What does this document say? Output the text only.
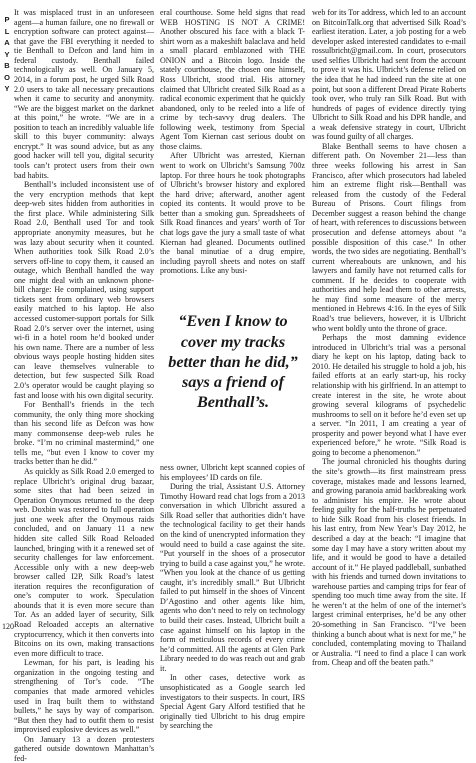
P
L
A
Y
B
O
Y
120

It was misplaced trust in an unforeseen agent—a human failure, one no firewall or encryption software can protect against—that gave the FBI everything it needed to tie Benthall to Defcon and land him in federal custody. Benthall failed technologically as well. On January 5, 2014, in a forum post, he urged Silk Road 2.0 users to take all necessary precautions when it came to security and anonymity. “We are the biggest market on the darknet at this point,” he wrote. “We are in a position to teach an incredibly valuable life skill to this buyer community: always encrypt.” It was sound advice, but as any good hacker will tell you, digital security tools can’t protect users from their own bad habits.

Benthall’s included inconsistent use of the very encryption methods that kept deep-web sites hidden from authorities in the first place. While administering Silk Road 2.0, Benthall used Tor and took appropriate anonymity measures, but he was lazy about security when it counted. When authorities took Silk Road 2.0’s servers off-line to copy them, it caused an outage, which Benthall handled the way one might deal with an unknown phone-bill charge: He complained, using support tickets sent from ordinary web browsers easily matched to his laptop. He also accessed customer-support portals for Silk Road 2.0’s server over the internet, using wi-fi in a hotel room he’d booked under his own name. There are a number of less obvious ways people hosting hidden sites can leave themselves vulnerable to detection, but few suspected Silk Road 2.0’s operator would be caught playing so fast and loose with his own digital security.

For Benthall’s friends in the tech community, the only thing more shocking than his second life as Defcon was how many commonsense deep-web rules he broke. “I’m no criminal mastermind,” one tells me, “but even I know to cover my tracks better than he did.”

As quickly as Silk Road 2.0 emerged to replace Ulbricht’s original drug bazaar, some sites that had been seized in Operation Onymous returned to the deep web. Doxbin was restored to full operation just one week after the Onymous raids concluded, and on January 11 a new hidden site called Silk Road Reloaded launched, bringing with it a renewed set of security challenges for law enforcement. Accessible only with a new deep-web browser called I2P, Silk Road’s latest iteration requires the reconfiguration of one’s computer to work. Speculation abounds that it is even more secure than Tor. As an added layer of security, Silk Road Reloaded accepts an alternative cryptocurrency, which it then converts into Bitcoins on its own, making transactions even more difficult to trace.

Lewman, for his part, is leading his organization in the ongoing testing and strengthening of Tor’s code. “The companies that made armored vehicles used in Iraq built them to withstand bullets,” he says by way of comparison. “But then they had to outfit them to resist improvised explosive devices as well.”

On January 13 a dozen protesters gathered outside downtown Manhattan’s fed-

eral courthouse. Some held signs that read WEB HOSTING IS NOT A CRIME! Another obscured his face with a black T-shirt worn as a makeshift balaclava and held a small placard emblazoned with THE ONION and a Bitcoin logo. Inside the stately courthouse, the chosen one himself, Ross Ulbricht, stood trial. His attorney claimed that Ulbricht created Silk Road as a radical economic experiment that he quickly abandoned, only to be reeled into a life of crime by tech-savvy drug dealers. The following week, testimony from Special Agent Tom Kiernan cast serious doubt on those claims.

After Ulbricht was arrested, Kiernan went to work on Ulbricht’s Samsung 700z laptop. For three hours he took photographs of Ulbricht’s browser history and explored the hard drive; afterward, another agent copied its contents. It would prove to be better than a smoking gun. Spreadsheets of Silk Road finances and years’ worth of Tor chat logs gave the jury a small taste of what Kiernan had gleaned. Documents outlined the banal minutiae of a drug empire, including payroll sheets and notes on staff promotions. Like any busi-

“Even I know to cover my tracks better than he did,” says a friend of Benthall’s.

ness owner, Ulbricht kept scanned copies of his employees’ ID cards on file.

During the trial, Assistant U.S. Attorney Timothy Howard read chat logs from a 2013 conversation in which Ulbricht assured a Silk Road seller that authorities didn’t have the technological facility to get their hands on the kind of unencrypted information they would need to build a case against the site. “Put yourself in the shoes of a prosecutor trying to build a case against you,” he wrote. “When you look at the chance of us getting caught, it’s incredibly small.” But Ulbricht failed to put himself in the shoes of Vincent D’Agostino and other agents like him, agents who don’t need to rely on technology to build their cases. Instead, Ulbricht built a case against himself on his laptop in the form of meticulous records of every crime he’d committed. All the agents at Glen Park Library needed to do was reach out and grab it.

In other cases, detective work as unsophisticated as a Google search led investigators to their suspects. In court, IRS Special Agent Gary Alford testified that he originally tied Ulbricht to his drug empire by searching the

web for its Tor address, which led to an account on BitcoinTalk.org that advertised Silk Road’s earliest iteration. Later, a job posting for a web developer asked interested candidates to e-mail rossulbricht@gmail.com. In court, prosecutors used selfies Ulbricht had sent from the account to prove it was his. Ulbricht’s defense relied on the idea that he had indeed run the site at one point, but soon a different Dread Pirate Roberts took over, who truly ran Silk Road. But with hundreds of pages of evidence directly tying Ulbricht to Silk Road and his DPR handle, and a weak defensive strategy in court, Ulbricht was found guilty of all charges.

Blake Benthall seems to have chosen a different path. On November 21—less than three weeks following his arrest in San Francisco, after which prosecutors had labeled him an extreme flight risk—Benthall was released from the custody of the Federal Bureau of Prisons. Court filings from December suggest a reason behind the change of heart, with references to discussions between prosecution and defense attorneys about “a possible disposition of this case.” In other words, the two sides are negotiating. Benthall’s current whereabouts are unknown, and his lawyers and family have not returned calls for comment. If he decides to cooperate with authorities and help lead them to other arrests, he may find some measure of the mercy mentioned in Hebrews 4:16. In the eyes of Silk Road’s true believers, however, it is Ulbricht who went boldly unto the throne of grace.

Perhaps the most damning evidence introduced in Ulbricht’s trial was a personal diary he kept on his laptop, dating back to 2010. He detailed his struggle to hold a job, his failed efforts at an early start-up, his rocky relationship with his girlfriend. In an attempt to create interest in the site, he wrote about growing several kilograms of psychedelic mushrooms to sell on it before he’d even set up a server. “In 2011, I am creating a year of prosperity and power beyond what I have ever experienced before,” he wrote. “Silk Road is going to become a phenomenon.”

The journal chronicled his thoughts during the site’s growth—its first mainstream press coverage, mistakes made and lessons learned, and growing paranoia amid backbreaking work to administer his empire. He wrote about feeling guilty for the half-truths he perpetuated to hide Silk Road from his closest friends. In his last entry, from New Year’s Day 2012, he described a day at the beach: “I imagine that some day I may have a story written about my life, and it would be good to have a detailed account of it.” He played paddleball, sunbathed with his friends and turned down invitations to warehouse parties and camping trips for fear of spending too much time away from the site. If he weren’t at the helm of one of the internet’s largest criminal enterprises, he’d be any other 20-something in San Francisco. “I’ve been thinking a bunch about what is next for me,” he concluded, contemplating moving to Thailand or Australia. “I need to find a place I can work from. Cheap and off the beaten path.”
